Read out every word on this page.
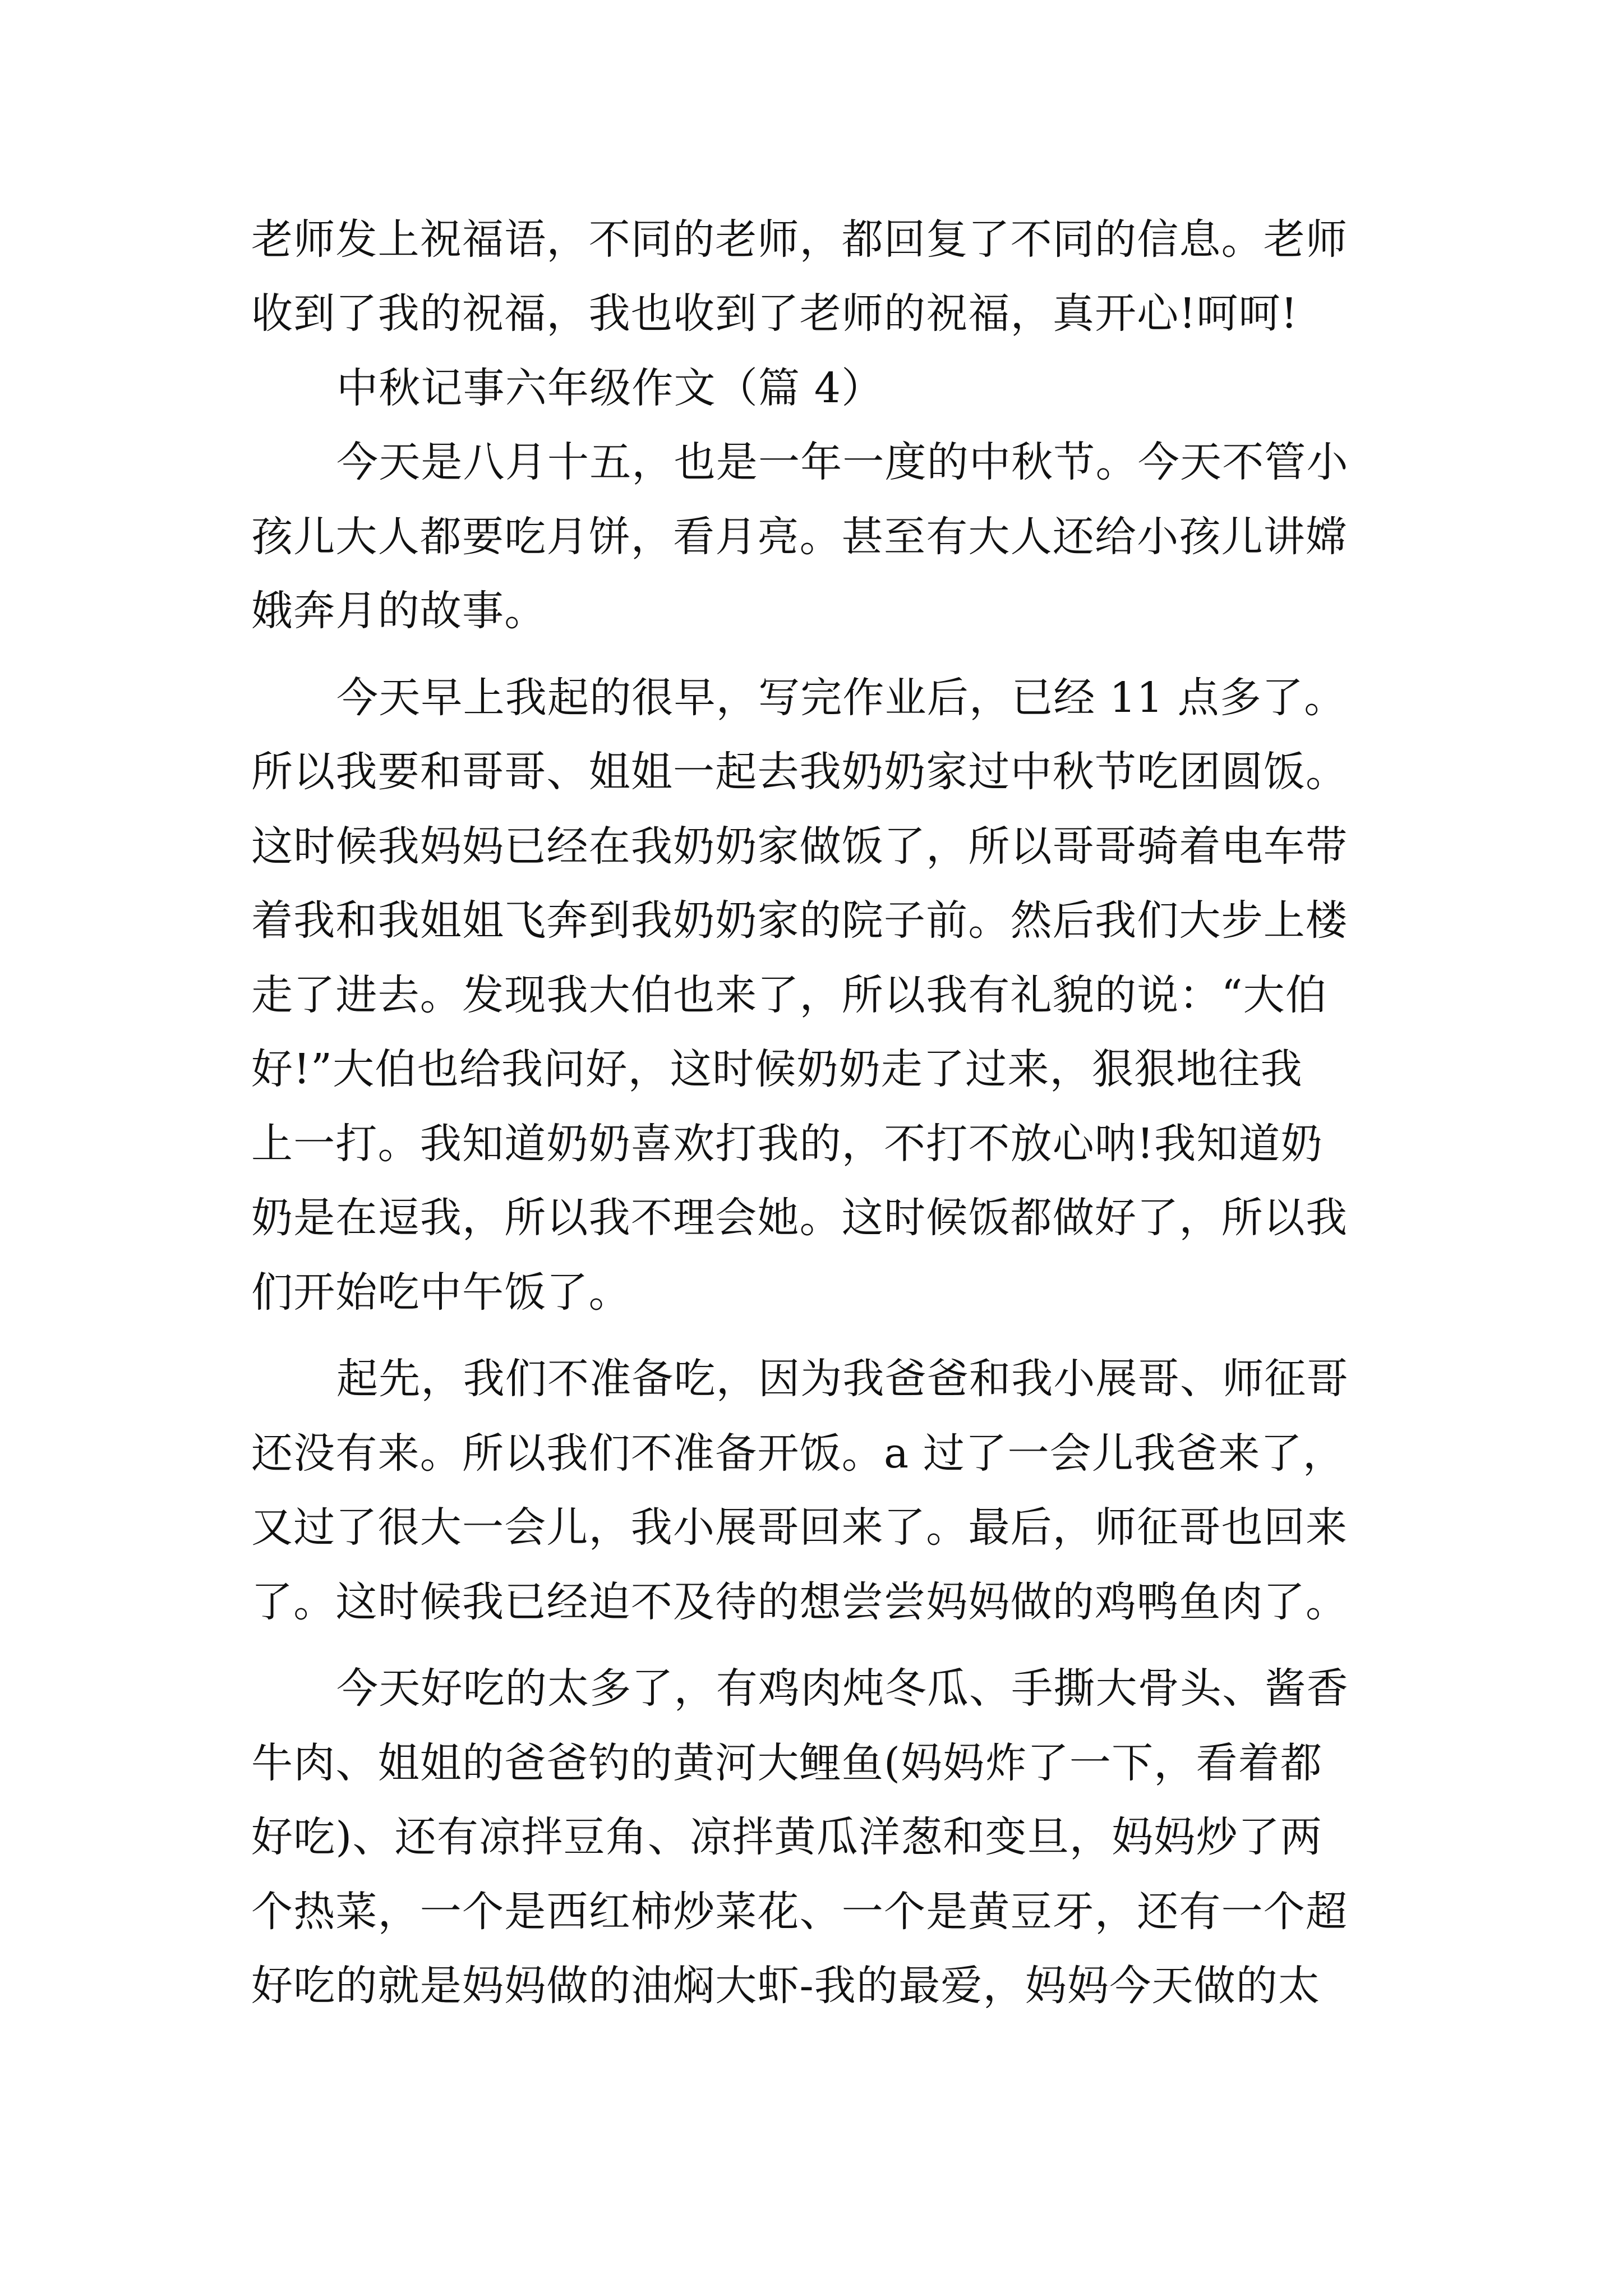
老师发上祝福语，不同的老师，都回复了不同的信息。老师
收到了我的祝福，我也收到了老师的祝福，真开心!呵呵!
中秋记事六年级作文（篇 4）
今天是八月十五，也是一年一度的中秋节。今天不管小
孩儿大人都要吃月饼，看月亮。甚至有大人还给小孩儿讲嫦
娥奔月的故事。
今天早上我起的很早，写完作业后，已经 11 点多了。
所以我要和哥哥、姐姐一起去我奶奶家过中秋节吃团圆饭。
这时候我妈妈已经在我奶奶家做饭了，所以哥哥骑着电车带
着我和我姐姐飞奔到我奶奶家的院子前。然后我们大步上楼
走了进去。发现我大伯也来了，所以我有礼貌的说：“大伯
好!”大伯也给我问好，这时候奶奶走了过来，狠狠地往我
上一打。我知道奶奶喜欢打我的，不打不放心呐!我知道奶
奶是在逗我，所以我不理会她。这时候饭都做好了，所以我
们开始吃中午饭了。
起先，我们不准备吃，因为我爸爸和我小展哥、师征哥
还没有来。所以我们不准备开饭。a 过了一会儿我爸来了，
又过了很大一会儿，我小展哥回来了。最后，师征哥也回来
了。这时候我已经迫不及待的想尝尝妈妈做的鸡鸭鱼肉了。
今天好吃的太多了，有鸡肉炖冬瓜、手撕大骨头、酱香
牛肉、姐姐的爸爸钓的黄河大鲤鱼(妈妈炸了一下，看着都
好吃)、还有凉拌豆角、凉拌黄瓜洋葱和变旦，妈妈炒了两
个热菜，一个是西红柿炒菜花、一个是黄豆牙，还有一个超
好吃的就是妈妈做的油焖大虾-我的最爱，妈妈今天做的太
